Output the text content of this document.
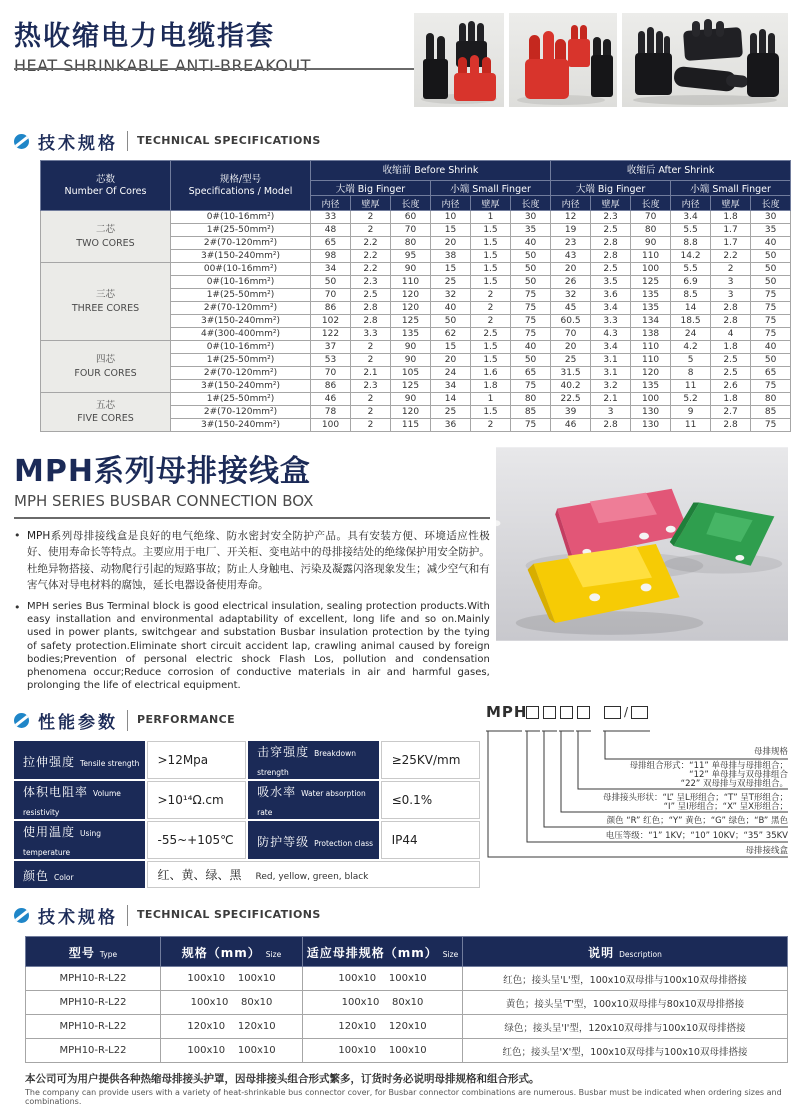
热收缩电力电缆指套
HEAT SHRINKABLE ANTI-BREAKOUT
技术规格	TECHNICAL SPECIFICATIONS
芯数
Number Of Cores

规格/型号
Specifications / Model
	收缩前 Before Shrink	收缩后 After Shrink
		大端 Big Finger			小端 Small Finger			大端 Big Finger			小端 Small Finger		
		内径	壁厚	长度	内径	壁厚	长度	内径	壁厚	长度	内径	壁厚	长度

二芯
TWO CORES	0#(10-16mm²)	33	2	60	10	1	30	12	2.3	70	3.4	1.8	30
	1#(25-50mm²)	48	2	70	15	1.5	35	19	2.5	80	5.5	1.7	35
	2#(70-120mm²)	65	2.2	80	20	1.5	40	23	2.8	90	8.8	1.7	40
	3#(150-240mm²)	98	2.2	95	38	1.5	50	43	2.8	110	14.2	2.2	50

三芯
THREE CORES	00#(10-16mm²)	34	2.2	90	15	1.5	50	20	2.5	100	5.5	2	50
	0#(10-16mm²)	50	2.3	110	25	1.5	50	26	3.5	125	6.9	3	50
	1#(25-50mm²)	70	2.5	120	32	2	75	32	3.6	135	8.5	3	75
	2#(70-120mm²)	86	2.8	120	40	2	75	45	3.4	135	14	2.8	75
	3#(150-240mm²)	102	2.8	125	50	2	75	60.5	3.3	134	18.5	2.8	75
	4#(300-400mm²)	122	3.3	135	62	2.5	75	70	4.3	138	24	4	75

四芯
FOUR CORES	0#(10-16mm²)	37	2	90	15	1.5	40	20	3.4	110	4.2	1.8	40
	1#(25-50mm²)	53	2	90	20	1.5	50	25	3.1	110	5	2.5	50
	2#(70-120mm²)	70	2.1	105	24	1.6	65	31.5	3.1	120	8	2.5	65
	3#(150-240mm²)	86	2.3	125	34	1.8	75	40.2	3.2	135	11	2.6	75

五芯
FIVE CORES	1#(25-50mm²)	46	2	90	14	1	80	22.5	2.1	100	5.2	1.8	80
	2#(70-120mm²)	78	2	120	25	1.5	85	39	3	130	9	2.7	85
	3#(150-240mm²)	100	2	115	36	2	75	46	2.8	130	11	2.8	75
MPH系列母排接线盒
MPH SERIES BUSBAR CONNECTION BOX
• MPH系列母排接线盒是良好的电气绝缘、防水密封安全防护产品。具有安装方便、环境适应性极好、使用寿命长等特点。主要应用于电厂、开关柜、变电站中的母排接结处的绝缘保护用安全防护。杜绝异物搭接、动物爬行引起的短路事故；防止人身触电、污染及凝露闪洛现象发生；减少空气和有害气体对导电材料的腐蚀，延长电器设备使用寿命。
• MPH series Bus Terminal block is good electrical insulation, sealing protection products.With easy installation and environmental adaptability of excellent, long life and so on.Mainly used in power plants, switchgear and substation Busbar insulation protection by the tying of safety protection.Eliminate short circuit accident lap, crawling animal caused by foreign bodies;Prevention of personal electric shock Flash Los, pollution and condensation phenomena occur;Reduce corrosion of conductive materials in air and harmful gases, prolonging the life of electrical equipment.
性能参数	PERFORMANCE
拉伸强度 Tensile strength	>12Mpa	击穿强度 Breakdown strength	≥25KV/mm
体积电阻率 Volume resistivity	>10¹⁴Ω.cm	吸水率 Water absorption rate	≤0.1%
使用温度 Using temperature	-55~+105℃	防护等级 Protection class	IP44
颜色 Color	红、黄、绿、黑 Red, yellow, green, black		
技术规格	TECHNICAL SPECIFICATIONS
MPH	/
母排规格
母排组合形式：“11” 单母排与母排组合；
“12” 单母排与双母排组合
“22” 双母排与双母排组合。
母排接头形状：“L” 呈L形组合；“T” 呈T形组合；
“I” 呈I形组合；“X” 呈X形组合；
颜色 “R” 红色；“Y” 黄色；“G” 绿色；“B” 黑色
电压等级：“1” 1KV；“10” 10KV；“35” 35KV
母排接线盒
型号 Type	规格（mm） Size	适应母排规格（mm） Size	说明 Description
MPH10-R-L22	100x10    100x10	100x10    100x10	红色；接头呈'L'型，100x10双母排与100x10双母排搭接
MPH10-R-L22	100x10    80x10	100x10    80x10	黄色；接头呈'T'型，100x10双母排与80x10双母排搭接
MPH10-R-L22	120x10    120x10	120x10    120x10	绿色；接头呈'I'型，120x10双母排与100x10双母排搭接
MPH10-R-L22	100x10    100x10	100x10    100x10	红色；接头呈'X'型，100x10双母排与100x10双母排搭接
本公司可为用户提供各种热缩母排接头护罩，因母排接头组合形式繁多，订货时务必说明母排规格和组合形式。
The company can provide users with a variety of heat-shrinkable bus connector cover, for Busbar connector combinations are numerous. Busbar must be indicated when ordering sizes and combinations.
